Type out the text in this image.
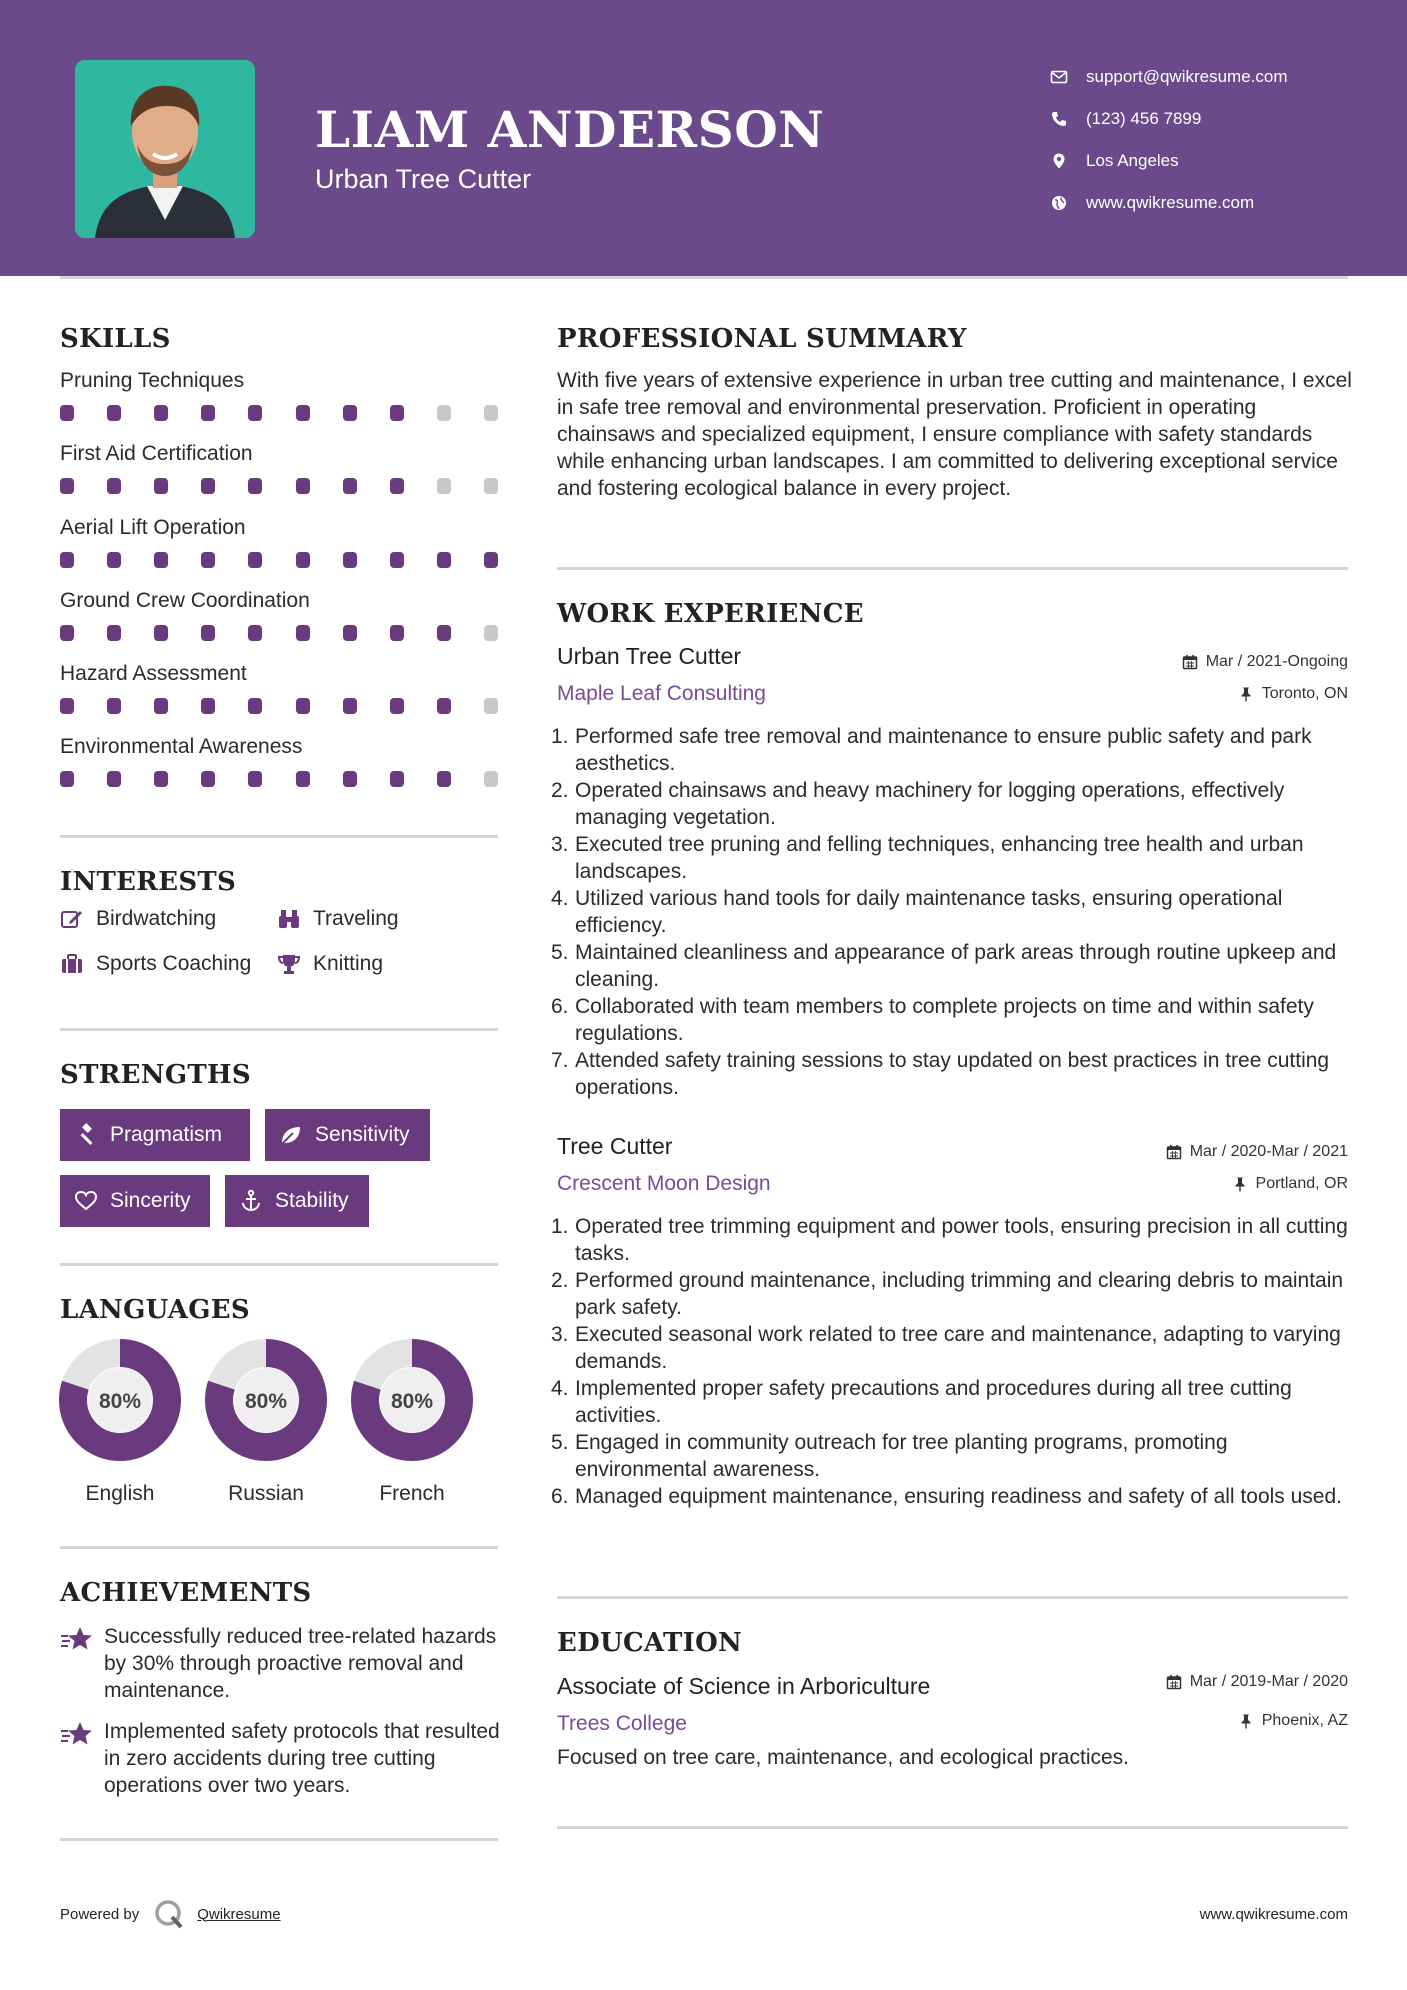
LIAM ANDERSON
Urban Tree Cutter
support@qwikresume.com
(123) 456 7899
Los Angeles
www.qwikresume.com
SKILLS
Pruning Techniques
First Aid Certification
Aerial Lift Operation
Ground Crew Coordination
Hazard Assessment
Environmental Awareness
INTERESTS
Birdwatching	Traveling
Sports Coaching	Knitting
STRENGTHS
Pragmatism	Sensitivity
Sincerity	Stability
LANGUAGES
80%
English
80%
Russian
80%
French
ACHIEVEMENTS
Successfully reduced tree-related hazards by 30% through proactive removal and maintenance.
Implemented safety protocols that resulted in zero accidents during tree cutting operations over two years.
PROFESSIONAL SUMMARY
With five years of extensive experience in urban tree cutting and maintenance, I excel in safe tree removal and environmental preservation. Proficient in operating chainsaws and specialized equipment, I ensure compliance with safety standards while enhancing urban landscapes. I am committed to delivering exceptional service and fostering ecological balance in every project.
WORK EXPERIENCE
Urban Tree Cutter	Mar / 2021-Ongoing
Maple Leaf Consulting	Toronto, ON
1. Performed safe tree removal and maintenance to ensure public safety and park aesthetics.
2. Operated chainsaws and heavy machinery for logging operations, effectively managing vegetation.
3. Executed tree pruning and felling techniques, enhancing tree health and urban landscapes.
4. Utilized various hand tools for daily maintenance tasks, ensuring operational efficiency.
5. Maintained cleanliness and appearance of park areas through routine upkeep and cleaning.
6. Collaborated with team members to complete projects on time and within safety regulations.
7. Attended safety training sessions to stay updated on best practices in tree cutting operations.
Tree Cutter	Mar / 2020-Mar / 2021
Crescent Moon Design	Portland, OR
1. Operated tree trimming equipment and power tools, ensuring precision in all cutting tasks.
2. Performed ground maintenance, including trimming and clearing debris to maintain park safety.
3. Executed seasonal work related to tree care and maintenance, adapting to varying demands.
4. Implemented proper safety precautions and procedures during all tree cutting activities.
5. Engaged in community outreach for tree planting programs, promoting environmental awareness.
6. Managed equipment maintenance, ensuring readiness and safety of all tools used.
EDUCATION
Associate of Science in Arboriculture	Mar / 2019-Mar / 2020
Trees College	Phoenix, AZ
Focused on tree care, maintenance, and ecological practices.
Powered by	Qwikresume	www.qwikresume.com
